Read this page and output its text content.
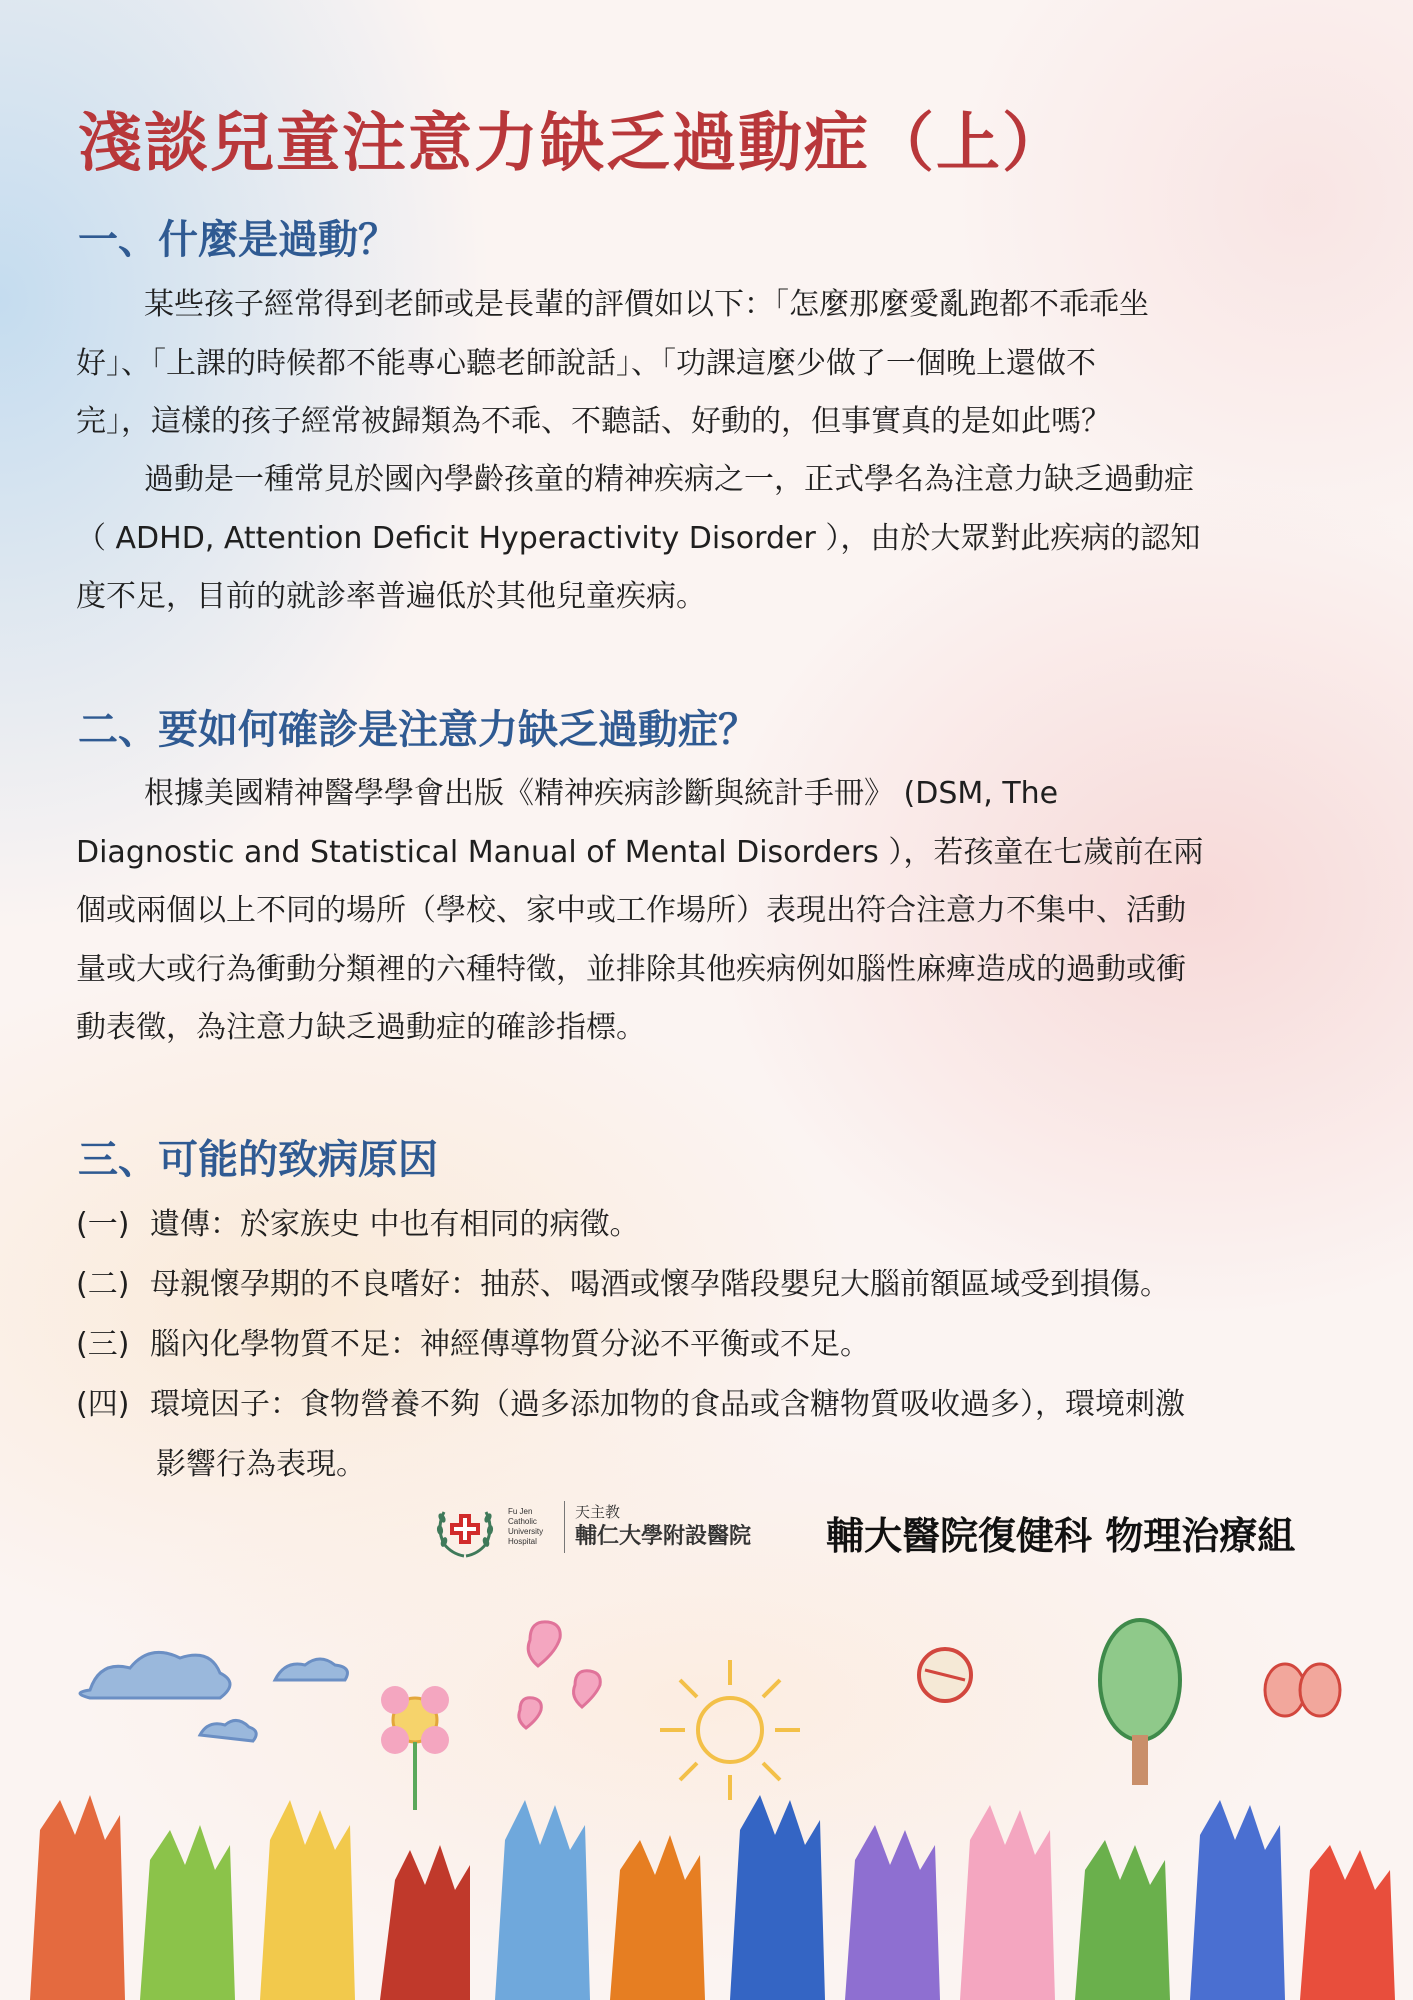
淺談兒童注意力缺乏過動症（上）
一、什麼是過動？
某些孩子經常得到老師或是長輩的評價如以下：「怎麼那麼愛亂跑都不乖乖坐
好」、「上課的時候都不能專心聽老師說話」、「功課這麼少做了一個晚上還做不
完」，這樣的孩子經常被歸類為不乖、不聽話、好動的，但事實真的是如此嗎？
過動是一種常見於國內學齡孩童的精神疾病之一，正式學名為注意力缺乏過動症
（ ADHD, Attention Deficit Hyperactivity Disorder ），由於大眾對此疾病的認知
度不足，目前的就診率普遍低於其他兒童疾病。
二、要如何確診是注意力缺乏過動症？
根據美國精神醫學學會出版《精神疾病診斷與統計手冊》 (DSM, The
Diagnostic and Statistical Manual of Mental Disorders ），若孩童在七歲前在兩
個或兩個以上不同的場所（學校、家中或工作場所）表現出符合注意力不集中、活動
量或大或行為衝動分類裡的六種特徵，並排除其他疾病例如腦性麻痺造成的過動或衝
動表徵，為注意力缺乏過動症的確診指標。
三、可能的致病原因
(一) 遺傳：於家族史 中也有相同的病徵。
(二) 母親懷孕期的不良嗜好：抽菸、喝酒或懷孕階段嬰兒大腦前額區域受到損傷。
(三) 腦內化學物質不足：神經傳導物質分泌不平衡或不足。
(四) 環境因子：食物營養不夠（過多添加物的食品或含糖物質吸收過多），環境刺激
影響行為表現。
Fu Jen
Catholic
University
Hospital
天主教
輔仁大學附設醫院 輔大醫院復健科 物理治療組
